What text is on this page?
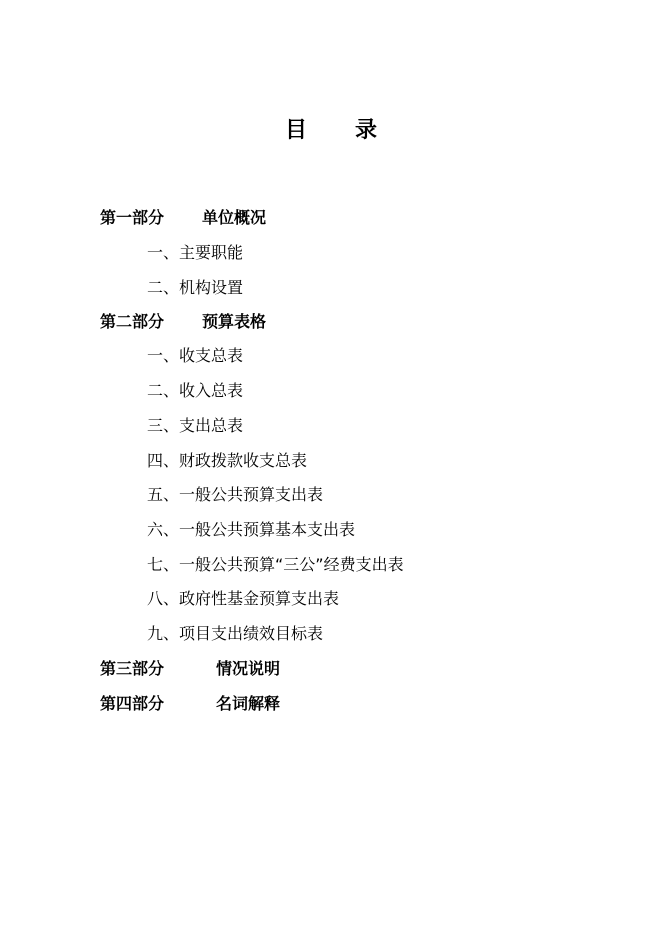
目录
第一部分 单位概况
一、主要职能
二、机构设置
第二部分 预算表格
一、收支总表
二、收入总表
三、支出总表
四、财政拨款收支总表
五、一般公共预算支出表
六、一般公共预算基本支出表
七、一般公共预算“三公”经费支出表
八、政府性基金预算支出表
九、项目支出绩效目标表
第三部分	情况说明
第四部分	名词解释
